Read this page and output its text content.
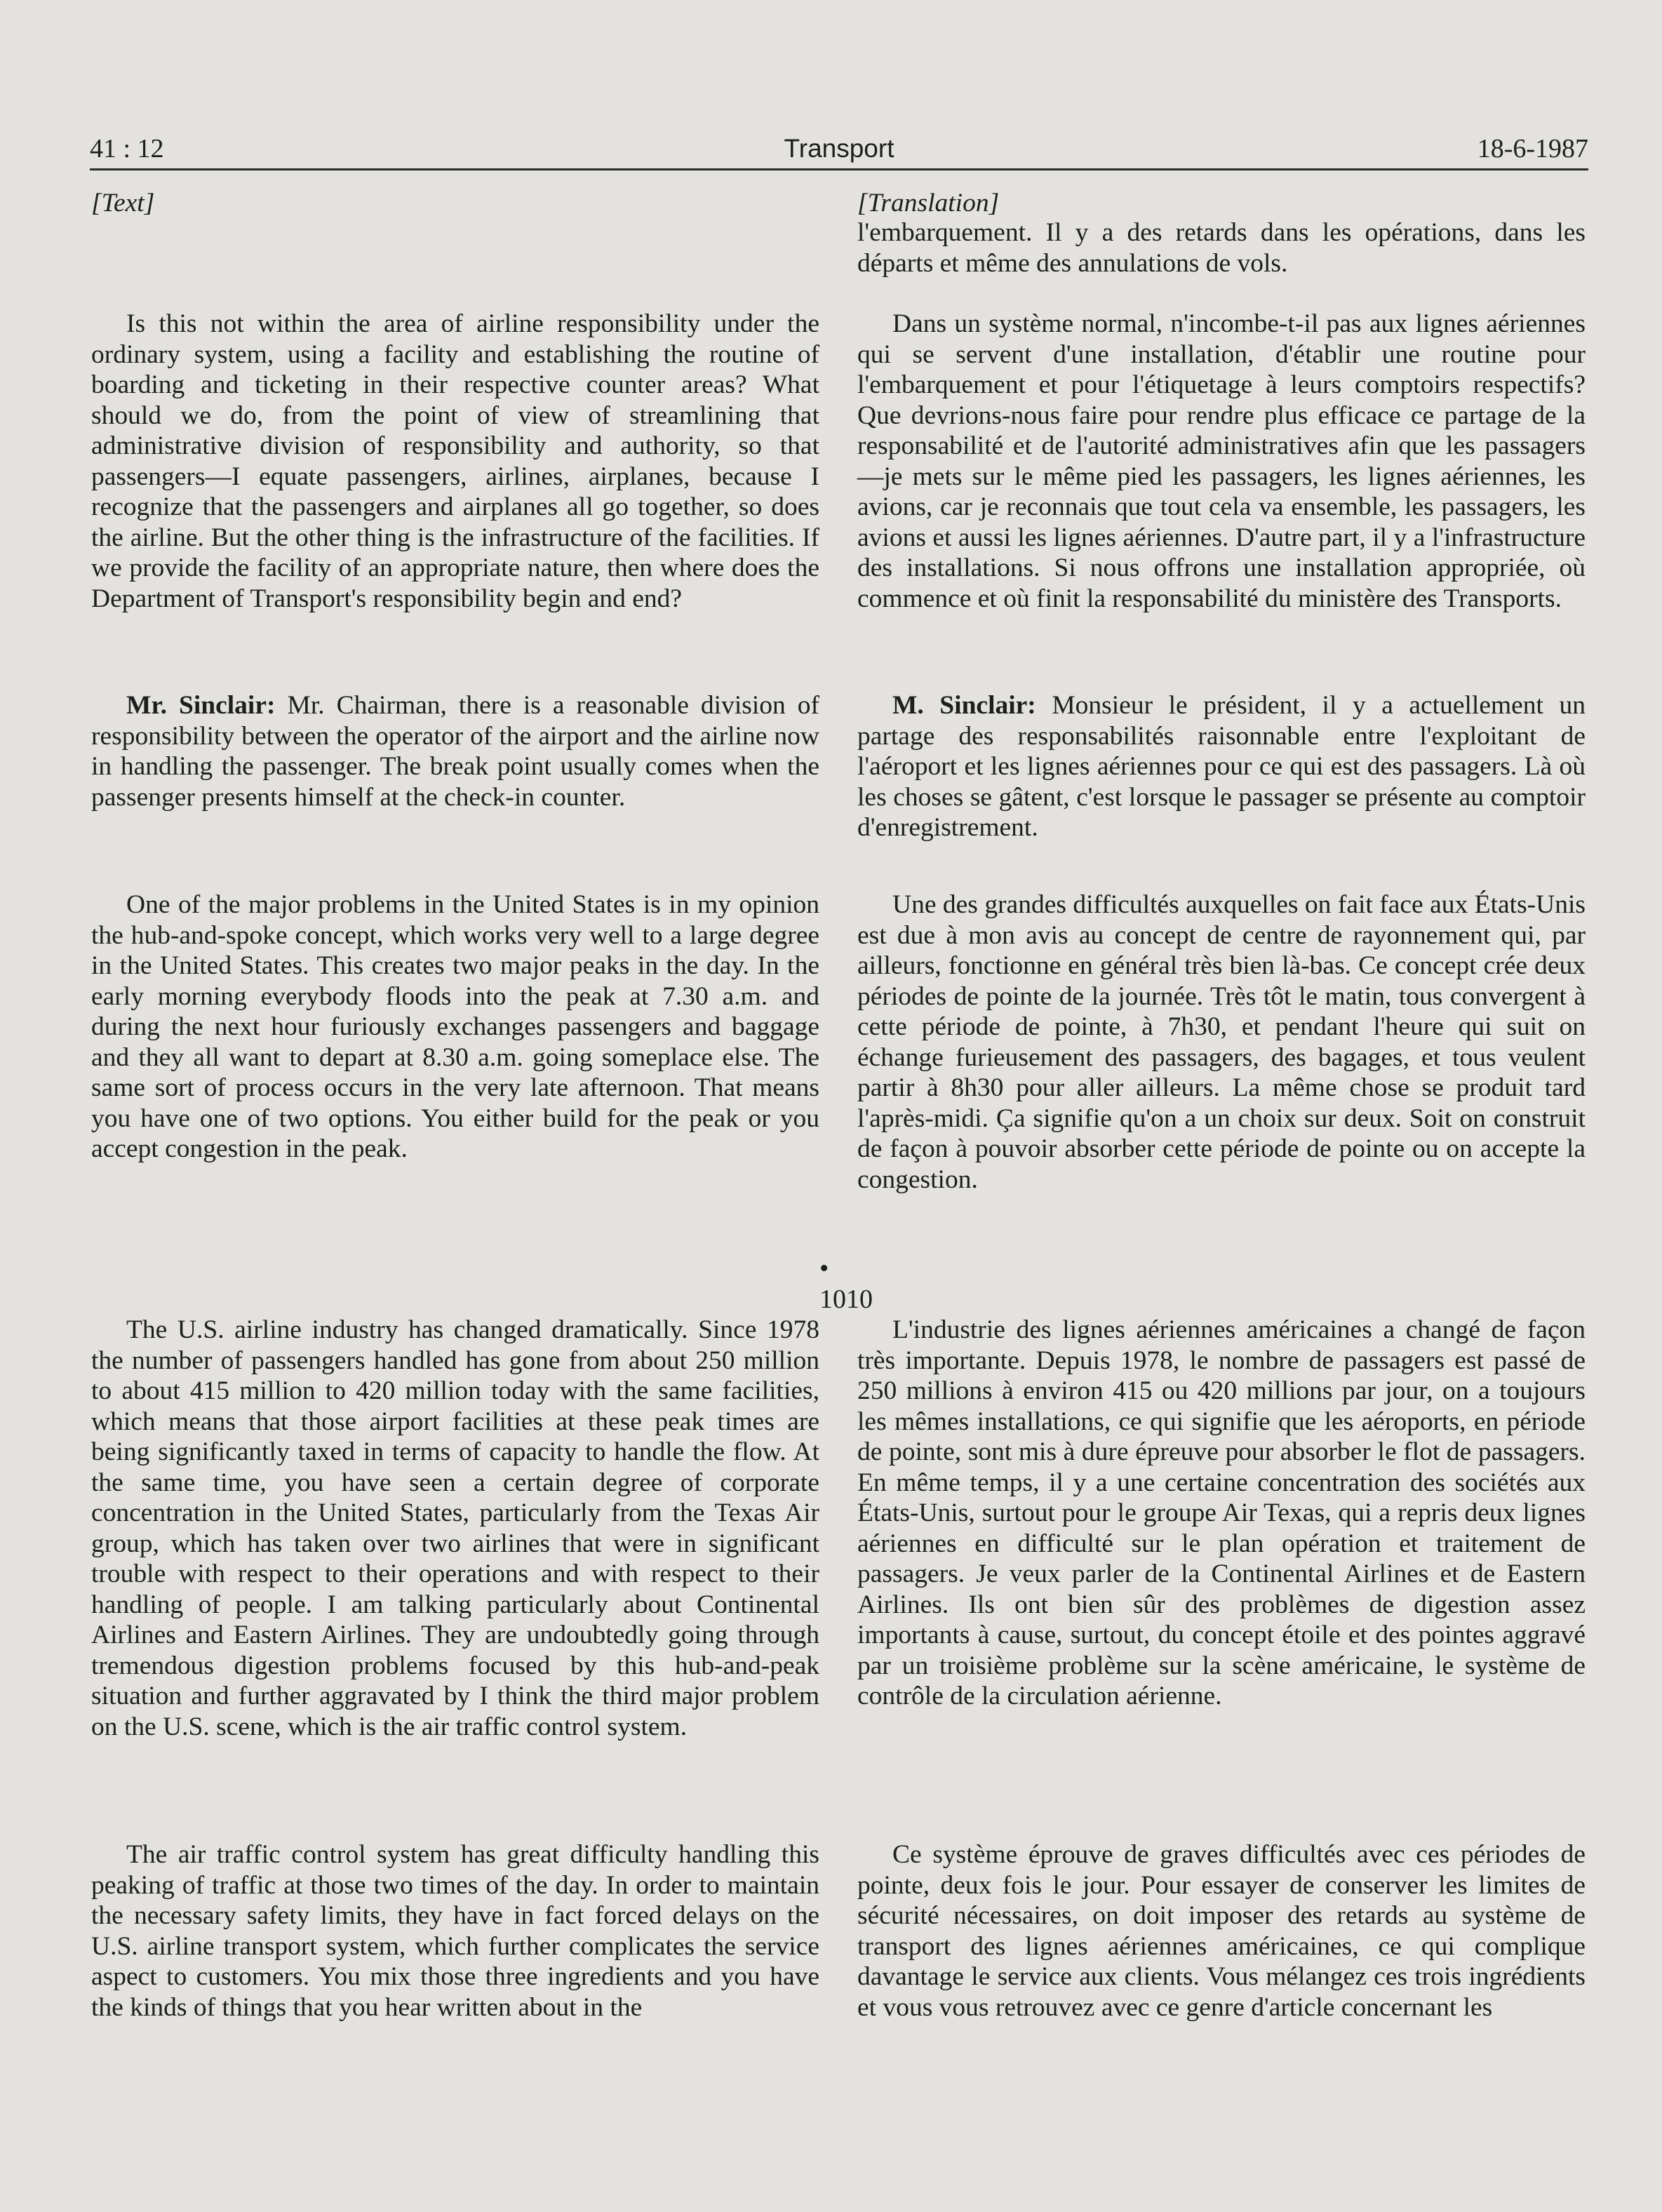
41 : 12	Transport	18-6-1987
[Text]

Is this not within the area of airline responsibility under the ordinary system, using a facility and establishing the routine of boarding and ticketing in their respective counter areas? What should we do, from the point of view of streamlining that administrative division of responsibility and authority, so that passengers—I equate passengers, airlines, airplanes, because I recognize that the passengers and airplanes all go together, so does the airline. But the other thing is the infrastructure of the facilities. If we provide the facility of an appropriate nature, then where does the Department of Transport's responsibility begin and end?

Mr. Sinclair: Mr. Chairman, there is a reasonable division of responsibility between the operator of the airport and the airline now in handling the passenger. The break point usually comes when the passenger presents himself at the check-in counter.

One of the major problems in the United States is in my opinion the hub-and-spoke concept, which works very well to a large degree in the United States. This creates two major peaks in the day. In the early morning everybody floods into the peak at 7.30 a.m. and during the next hour furiously exchanges passengers and baggage and they all want to depart at 8.30 a.m. going someplace else. The same sort of process occurs in the very late afternoon. That means you have one of two options. You either build for the peak or you accept congestion in the peak.

• 1010

The U.S. airline industry has changed dramatically. Since 1978 the number of passengers handled has gone from about 250 million to about 415 million to 420 million today with the same facilities, which means that those airport facilities at these peak times are being significantly taxed in terms of capacity to handle the flow. At the same time, you have seen a certain degree of corporate concentration in the United States, particularly from the Texas Air group, which has taken over two airlines that were in significant trouble with respect to their operations and with respect to their handling of people. I am talking particularly about Continental Airlines and Eastern Airlines. They are undoubtedly going through tremendous digestion problems focused by this hub-and-peak situation and further aggravated by I think the third major problem on the U.S. scene, which is the air traffic control system.

The air traffic control system has great difficulty handling this peaking of traffic at those two times of the day. In order to maintain the necessary safety limits, they have in fact forced delays on the U.S. airline transport system, which further complicates the service aspect to customers. You mix those three ingredients and you have the kinds of things that you hear written about in the

[Translation]

l'embarquement. Il y a des retards dans les opérations, dans les départs et même des annulations de vols.

Dans un système normal, n'incombe-t-il pas aux lignes aériennes qui se servent d'une installation, d'établir une routine pour l'embarquement et pour l'étiquetage à leurs comptoirs respectifs? Que devrions-nous faire pour rendre plus efficace ce partage de la responsabilité et de l'autorité administratives afin que les passagers—je mets sur le même pied les passagers, les lignes aériennes, les avions, car je reconnais que tout cela va ensemble, les passagers, les avions et aussi les lignes aériennes. D'autre part, il y a l'infrastructure des installations. Si nous offrons une installation appropriée, où commence et où finit la responsabilité du ministère des Transports.

M. Sinclair: Monsieur le président, il y a actuellement un partage des responsabilités raisonnable entre l'exploitant de l'aéroport et les lignes aériennes pour ce qui est des passagers. Là où les choses se gâtent, c'est lorsque le passager se présente au comptoir d'enregistrement.

Une des grandes difficultés auxquelles on fait face aux États-Unis est due à mon avis au concept de centre de rayonnement qui, par ailleurs, fonctionne en général très bien là-bas. Ce concept crée deux périodes de pointe de la journée. Très tôt le matin, tous convergent à cette période de pointe, à 7h30, et pendant l'heure qui suit on échange furieusement des passagers, des bagages, et tous veulent partir à 8h30 pour aller ailleurs. La même chose se produit tard l'après-midi. Ça signifie qu'on a un choix sur deux. Soit on construit de façon à pouvoir absorber cette période de pointe ou on accepte la congestion.

L'industrie des lignes aériennes américaines a changé de façon très importante. Depuis 1978, le nombre de passagers est passé de 250 millions à environ 415 ou 420 millions par jour, on a toujours les mêmes installations, ce qui signifie que les aéroports, en période de pointe, sont mis à dure épreuve pour absorber le flot de passagers. En même temps, il y a une certaine concentration des sociétés aux États-Unis, surtout pour le groupe Air Texas, qui a repris deux lignes aériennes en difficulté sur le plan opération et traitement de passagers. Je veux parler de la Continental Airlines et de Eastern Airlines. Ils ont bien sûr des problèmes de digestion assez importants à cause, surtout, du concept étoile et des pointes aggravé par un troisième problème sur la scène américaine, le système de contrôle de la circulation aérienne.

Ce système éprouve de graves difficultés avec ces périodes de pointe, deux fois le jour. Pour essayer de conserver les limites de sécurité nécessaires, on doit imposer des retards au système de transport des lignes aériennes américaines, ce qui complique davantage le service aux clients. Vous mélangez ces trois ingrédients et vous vous retrouvez avec ce genre d'article concernant les
